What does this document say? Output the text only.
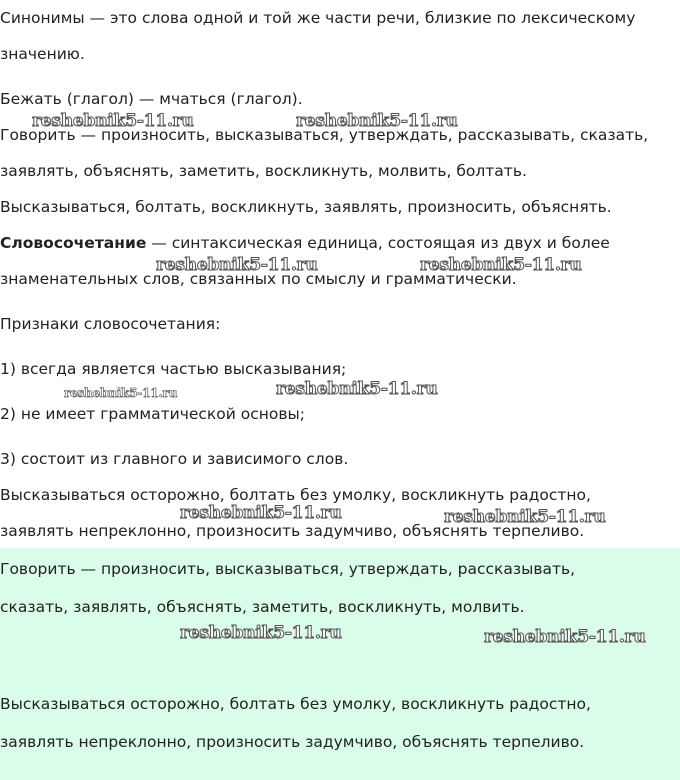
Синонимы — это слова одной и той же части речи, близкие по лексическому

значению.

Бежать (глагол) — мчаться (глагол).

Говорить — произносить, высказываться, утверждать, рассказывать, сказать,

заявлять, объяснять, заметить, воскликнуть, молвить, болтать.

Высказываться, болтать, воскликнуть, заявлять, произносить, объяснять.

Словосочетание — синтаксическая единица, состоящая из двух и более

знаменательных слов, связанных по смыслу и грамматически.

Признаки словосочетания:

1) всегда является частью высказывания;

2) не имеет грамматической основы;

3) состоит из главного и зависимого слов.

Высказываться осторожно, болтать без умолку, воскликнуть радостно,

заявлять непреклонно, произносить задумчиво, объяснять терпеливо.

Говорить — произносить, высказываться, утверждать, рассказывать,

сказать, заявлять, объяснять, заметить, воскликнуть, молвить.

Высказываться осторожно, болтать без умолку, воскликнуть радостно,

заявлять непреклонно, произносить задумчиво, объяснять терпеливо.

reshebnik5-11.ru	reshebnik5-11.ru
reshebnik5-11.ru	reshebnik5-11.ru
reshebnik5-11.ru	reshebnik5-11.ru
reshebnik5-11.ru	reshebnik5-11.ru
reshebnik5-11.ru	reshebnik5-11.ru
